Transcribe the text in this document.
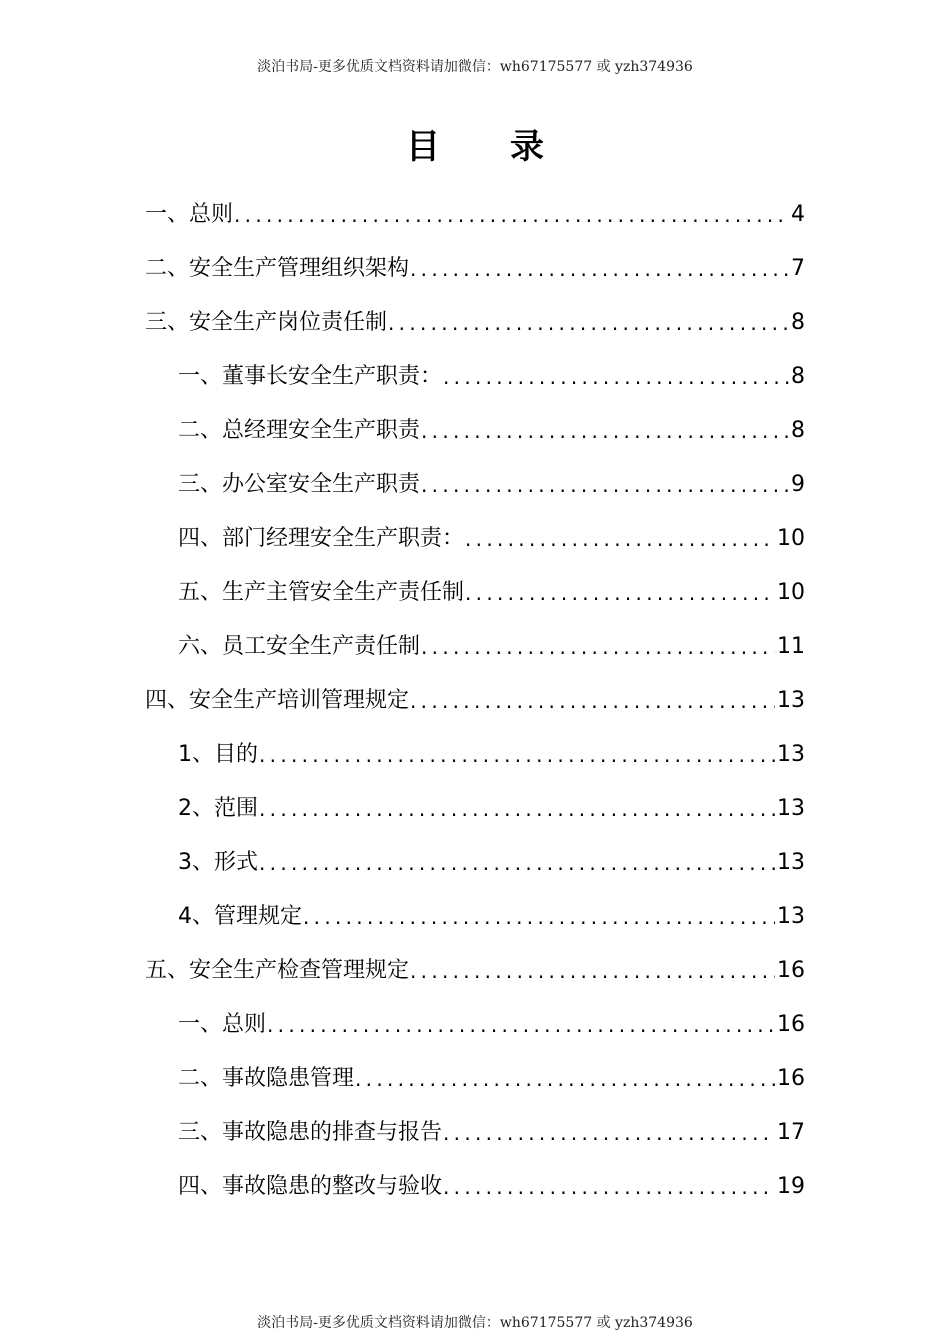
淡泊书局-更多优质文档资料请加微信：wh67175577 或 yzh374936
目录
一、总则 .....	4
二、安全生产管理组织架构 .....	7
三、安全生产岗位责任制 .....	8
一、董事长安全生产职责： .....	8
二、总经理安全生产职责 .....	8
三、办公室安全生产职责 .....	9
四、部门经理安全生产职责： .....	10
五、生产主管安全生产责任制 .....	10
六、员工安全生产责任制 .....	11
四、安全生产培训管理规定 .....	13
1、目的 .....	13
2、范围 .....	13
3、形式 .....	13
4、管理规定 .....	13
五、安全生产检查管理规定 .....	16
一、总则 .....	16
二、事故隐患管理 .....	16
三、事故隐患的排查与报告 .....	17
四、事故隐患的整改与验收 .....	19
淡泊书局-更多优质文档资料请加微信：wh67175577 或 yzh374936
